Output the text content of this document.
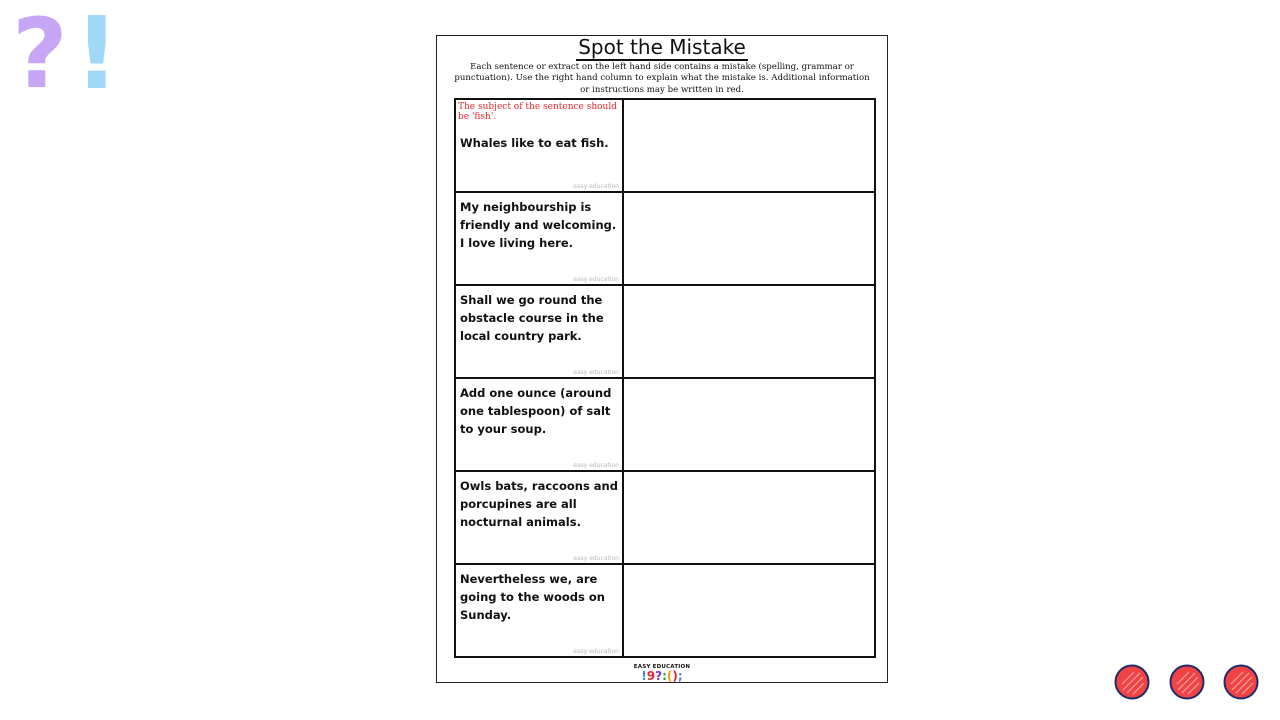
? !	Spot the Mistake
Each sentence or extract on the left hand side contains a mistake (spelling, grammar or punctuation). Use the right hand column to explain what the mistake is. Additional information or instructions may be written in red.
The subject of the sentence should be 'fish'.
Whales like to eat fish.
easy education
My neighbourship is friendly and welcoming. I love living here.
easy education
Shall we go round the obstacle course in the local country park.
easy education
Add one ounce (around one tablespoon) of salt to your soup.
easy education
Owls bats, raccoons and porcupines are all nocturnal animals.
easy education
Nevertheless we, are going to the woods on Sunday.
easy education
EASY EDUCATION
!9?:();
